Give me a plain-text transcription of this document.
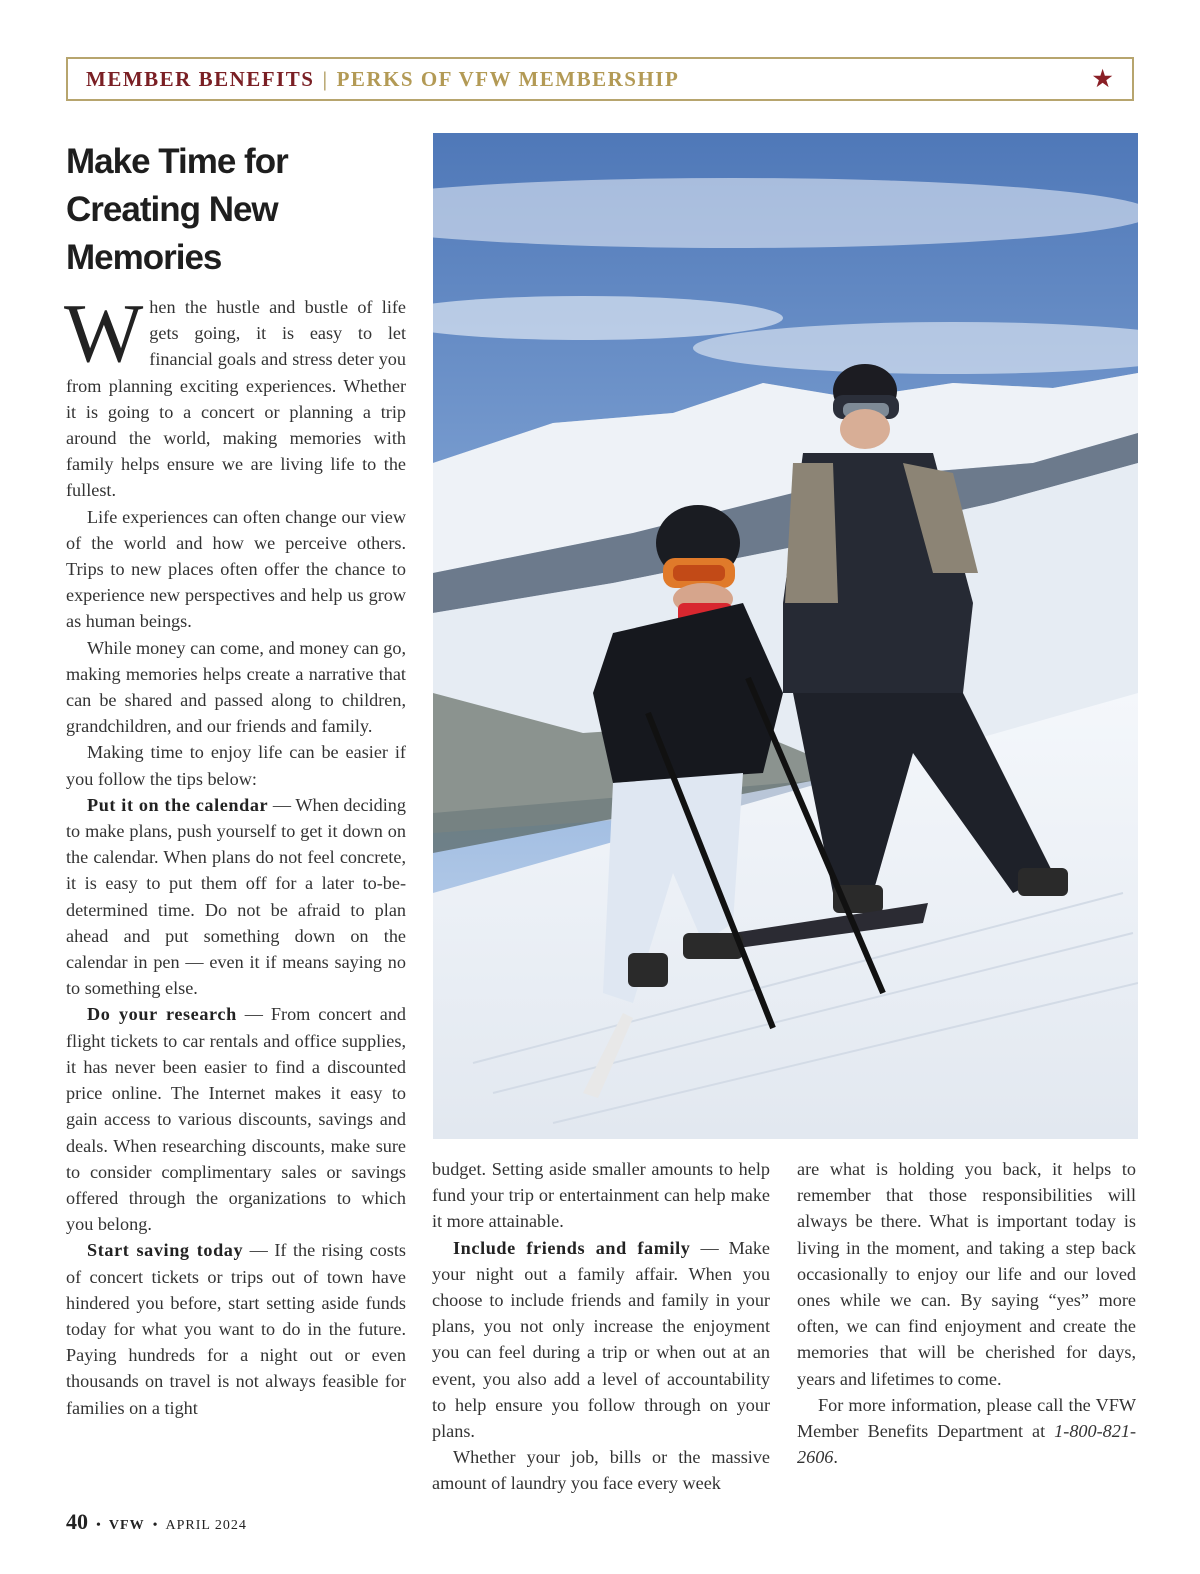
MEMBER BENEFITS | PERKS OF VFW MEMBERSHIP	★
Make Time for Creating New Memories

When the hustle and bustle of life gets going, it is easy to let financial goals and stress deter you from planning exciting experiences. Whether it is going to a concert or planning a trip around the world, making memories with family helps ensure we are living life to the fullest.

Life experiences can often change our view of the world and how we perceive others. Trips to new places often offer the chance to experience new perspectives and help us grow as human beings.

While money can come, and money can go, making memories helps create a narrative that can be shared and passed along to children, grandchildren, and our friends and family.

Making time to enjoy life can be easier if you follow the tips below:

Put it on the calendar — When deciding to make plans, push yourself to get it down on the calendar. When plans do not feel concrete, it is easy to put them off for a later to-be-determined time. Do not be afraid to plan ahead and put something down on the calendar in pen — even it if means saying no to something else.

Do your research — From concert and flight tickets to car rentals and office supplies, it has never been easier to find a discounted price online. The Internet makes it easy to gain access to various discounts, savings and deals. When researching discounts, make sure to consider complimentary sales or savings offered through the organizations to which you belong.

Start saving today — If the rising costs of concert tickets or trips out of town have hindered you before, start setting aside funds today for what you want to do in the future. Paying hundreds for a night out or even thousands on travel is not always feasible for families on a tight

budget. Setting aside smaller amounts to help fund your trip or entertainment can help make it more attainable.

Include friends and family — Make your night out a family affair. When you choose to include friends and family in your plans, you not only increase the enjoyment you can feel during a trip or when out at an event, you also add a level of accountability to help ensure you follow through on your plans.

Whether your job, bills or the massive amount of laundry you face every week

are what is holding you back, it helps to remember that those responsibilities will always be there. What is important today is living in the moment, and taking a step back occasionally to enjoy our life and our loved ones while we can. By saying “yes” more often, we can find enjoyment and create the memories that will be cherished for days, years and lifetimes to come.

For more information, please call the VFW Member Benefits Department at 1-800-821-2606.

40 • VFW • APRIL 2024
